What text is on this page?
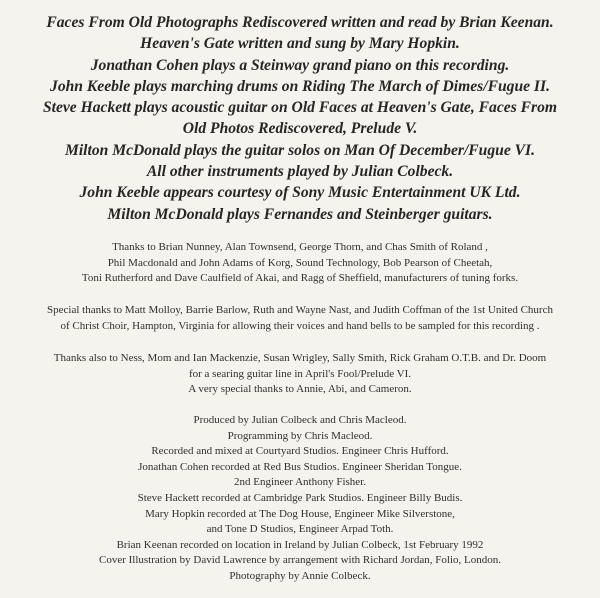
Faces From Old Photographs Rediscovered written and read by Brian Keenan.
Heaven's Gate written and sung by Mary Hopkin.
Jonathan Cohen plays a Steinway grand piano on this recording.
John Keeble plays marching drums on Riding The March of Dimes/Fugue II.
Steve Hackett plays acoustic guitar on Old Faces at Heaven's Gate, Faces From
Old Photos Rediscovered, Prelude V.
Milton McDonald plays the guitar solos on Man Of December/Fugue VI.
All other instruments played by Julian Colbeck.
John Keeble appears courtesy of Sony Music Entertainment UK Ltd.
Milton McDonald plays Fernandes and Steinberger guitars.
Thanks to Brian Nunney, Alan Townsend, George Thorn, and Chas Smith of Roland ,
Phil Macdonald and John Adams of Korg, Sound Technology, Bob Pearson of Cheetah,
Toni Rutherford and Dave Caulfield of Akai, and Ragg of Sheffield, manufacturers of tuning forks.
Special thanks to Matt Molloy, Barrie Barlow, Ruth and Wayne Nast, and Judith Coffman of the 1st United Church
of Christ Choir, Hampton, Virginia for allowing their voices and hand bells to be sampled for this recording .
Thanks also to Ness, Mom and Ian Mackenzie, Susan Wrigley, Sally Smith, Rick Graham O.T.B. and Dr. Doom
for a searing guitar line in April's Fool/Prelude VI.
A very special thanks to Annie, Abi, and Cameron.
Produced by Julian Colbeck and Chris Macleod.
Programming by Chris Macleod.
Recorded and mixed at Courtyard Studios. Engineer Chris Hufford.
Jonathan Cohen recorded at Red Bus Studios. Engineer Sheridan Tongue.
2nd Engineer Anthony Fisher.
Steve Hackett recorded at Cambridge Park Studios. Engineer Billy Budis.
Mary Hopkin recorded at The Dog House, Engineer Mike Silverstone,
and Tone D Studios, Engineer Arpad Toth.
Brian Keenan recorded on location in Ireland by Julian Colbeck, 1st February 1992
Cover Illustration by David Lawrence by arrangement with Richard Jordan, Folio, London.
Photography by Annie Colbeck.
